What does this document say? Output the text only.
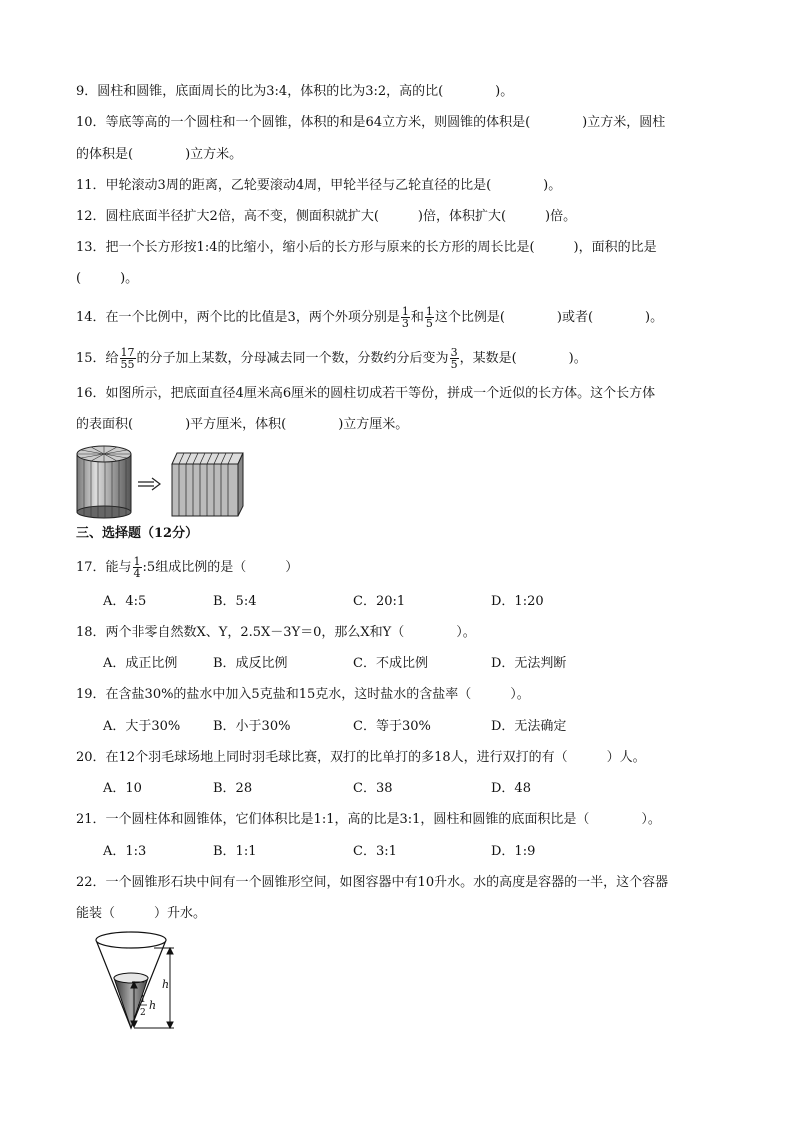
9．圆柱和圆锥，底面周长的比为3:4，体积的比为3:2，高的比(　　　　)。
10．等底等高的一个圆柱和一个圆锥，体积的和是64立方米，则圆锥的体积是(　　　　)立方米，圆柱
的体积是(　　　　)立方米。
11．甲轮滚动3周的距离，乙轮要滚动4周，甲轮半径与乙轮直径的比是(　　　　)。
12．圆柱底面半径扩大2倍，高不变，侧面积就扩大(　　　)倍，体积扩大(　　　)倍。
13．把一个长方形按1:4的比缩小，缩小后的长方形与原来的长方形的周长比是(　　　)，面积的比是
(　　　)。
14．在一个比例中，两个比的比值是3，两个外项分别是 $\frac{1}{3}$ 和 $\frac{1}{5}$ 这个比例是(　　　　)或者(　　　　)。
15．给 $\frac{17}{55}$ 的分子加上某数，分母减去同一个数，分数约分后变为 $\frac{3}{5}$ ，某数是(　　　　)。
16．如图所示，把底面直径4厘米高6厘米的圆柱切成若干等份，拼成一个近似的长方体。这个长方体
的表面积(　　　　)平方厘米，体积(　　　　)立方厘米。
三、选择题（12分）
17．能与 $\frac{1}{4}$ :5组成比例的是（　　　）
A．4:5	B．5:4	C．20:1	D．1:20
18．两个非零自然数X、Y，2.5X－3Y＝0，那么X和Y（　　　　）。
A．成正比例	B．成反比例	C．不成比例	D．无法判断
19．在含盐30%的盐水中加入5克盐和15克水，这时盐水的含盐率（　　　）。
A．大于30%	B．小于30%	C．等于30%	D．无法确定
20．在12个羽毛球场地上同时羽毛球比赛，双打的比单打的多18人，进行双打的有（　　　）人。
A．10	B．28	C．38	D．48
21．一个圆柱体和圆锥体，它们体积比是1:1，高的比是3:1，圆柱和圆锥的底面积比是（　　　　）。
A．1:3	B．1:1	C．3:1	D．1:9
22．一个圆锥形石块中间有一个圆锥形空间，如图容器中有10升水。水的高度是容器的一半，这个容器
能装（　　　）升水。
h
1
2
h
